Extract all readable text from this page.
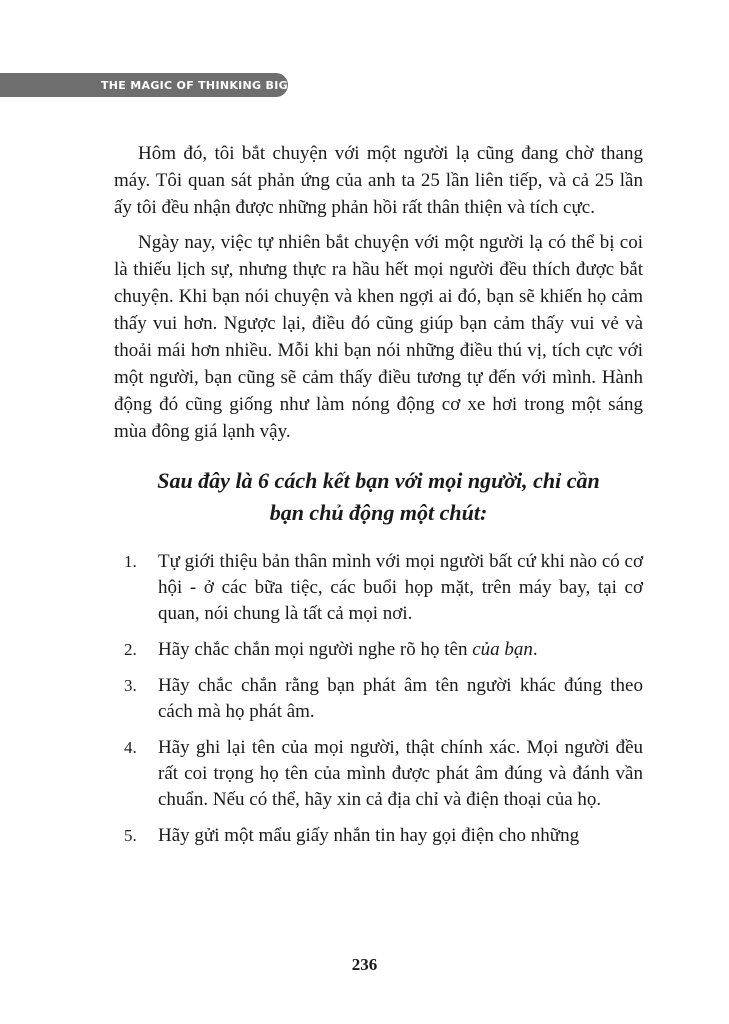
THE MAGIC OF THINKING BIG

Hôm đó, tôi bắt chuyện với một người lạ cũng đang chờ thang máy. Tôi quan sát phản ứng của anh ta 25 lần liên tiếp, và cả 25 lần ấy tôi đều nhận được những phản hồi rất thân thiện và tích cực.

Ngày nay, việc tự nhiên bắt chuyện với một người lạ có thể bị coi là thiếu lịch sự, nhưng thực ra hầu hết mọi người đều thích được bắt chuyện. Khi bạn nói chuyện và khen ngợi ai đó, bạn sẽ khiến họ cảm thấy vui hơn. Ngược lại, điều đó cũng giúp bạn cảm thấy vui vẻ và thoải mái hơn nhiều. Mỗi khi bạn nói những điều thú vị, tích cực với một người, bạn cũng sẽ cảm thấy điều tương tự đến với mình. Hành động đó cũng giống như làm nóng động cơ xe hơi trong một sáng mùa đông giá lạnh vậy.

Sau đây là 6 cách kết bạn với mọi người, chỉ cần
bạn chủ động một chút:
1.	Tự giới thiệu bản thân mình với mọi người bất cứ khi nào có cơ hội - ở các bữa tiệc, các buổi họp mặt, trên máy bay, tại cơ quan, nói chung là tất cả mọi nơi.
2.	Hãy chắc chắn mọi người nghe rõ họ tên của bạn.
3.	Hãy chắc chắn rằng bạn phát âm tên người khác đúng theo cách mà họ phát âm.
4.	Hãy ghi lại tên của mọi người, thật chính xác. Mọi người đều rất coi trọng họ tên của mình được phát âm đúng và đánh vần chuẩn. Nếu có thể, hãy xin cả địa chỉ và điện thoại của họ.
5.	Hãy gửi một mẩu giấy nhắn tin hay gọi điện cho những
236
